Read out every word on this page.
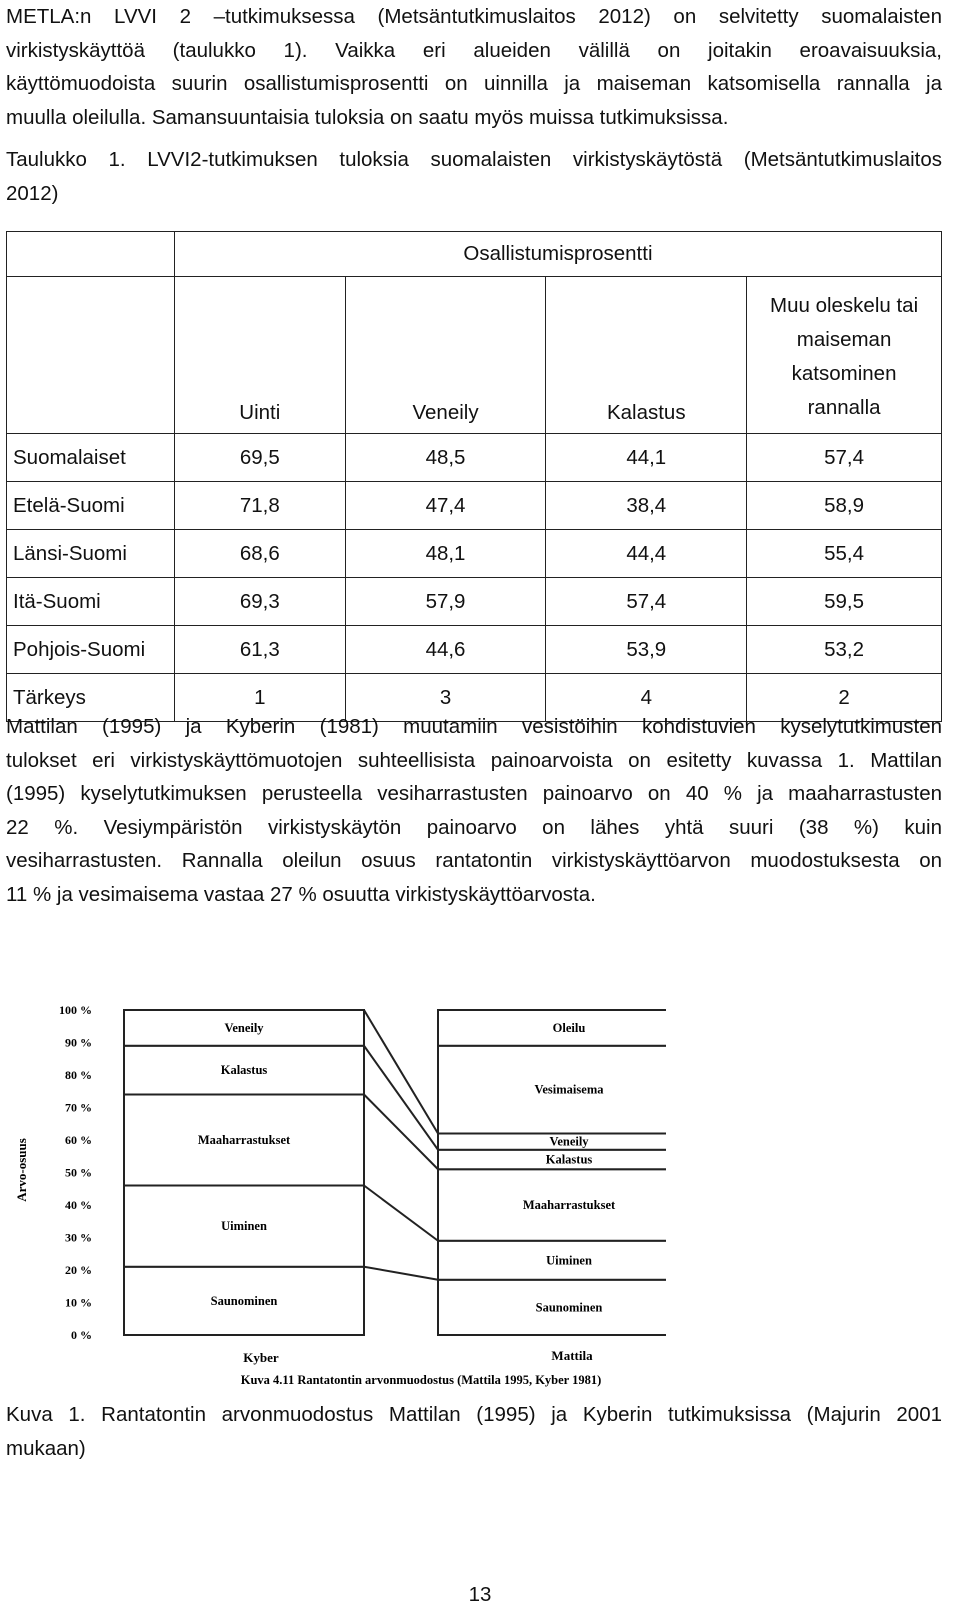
METLA:n LVVI 2 –tutkimuksessa (Metsäntutkimuslaitos 2012) on selvitetty suomalaisten
virkistyskäyttöä (taulukko 1). Vaikka eri alueiden välillä on joitakin eroavaisuuksia,
käyttömuodoista suurin osallistumisprosentti on uinnilla ja maiseman katsomisella rannalla ja
muulla oleilulla. Samansuuntaisia tuloksia on saatu myös muissa tutkimuksissa.
Taulukko 1. LVVI2-tutkimuksen tuloksia suomalaisten virkistyskäytöstä (Metsäntutkimuslaitos
2012)
	Osallistumisprosentti			
	Uinti	Veneily	Kalastus	Muu oleskelu tai
maiseman
katsominen
rannalla

Suomalaiset	69,5	48,5	44,1	57,4
Etelä-Suomi	71,8	47,4	38,4	58,9
Länsi-Suomi	68,6	48,1	44,4	55,4
Itä-Suomi	69,3	57,9	57,4	59,5
Pohjois-Suomi	61,3	44,6	53,9	53,2
Tärkeys	1	3	4	2
Mattilan (1995) ja Kyberin (1981) muutamiin vesistöihin kohdistuvien kyselytutkimusten
tulokset eri virkistyskäyttömuotojen suhteellisista painoarvoista on esitetty kuvassa 1. Mattilan
(1995) kyselytutkimuksen perusteella vesiharrastusten painoarvo on 40 % ja maaharrastusten
22 %. Vesiympäristön virkistyskäytön painoarvo on lähes yhtä suuri (38 %) kuin
vesiharrastusten. Rannalla oleilun osuus rantatontin virkistyskäyttöarvon muodostuksesta on
11 % ja vesimaisema vastaa 27 % osuutta virkistyskäyttöarvosta.
0 %
10 %
20 %
30 %
40 %
50 %
60 %
70 %
80 %
90 %
100 %
Arvo-osuus
Saunominen
Uiminen
Maaharrastukset
Kalastus
Veneily
Saunominen
Uiminen
Maaharrastukset
Kalastus
Veneily
Vesimaisema
Oleilu
Kyber	Mattila
Kuva 4.11 Rantatontin arvonmuodostus (Mattila 1995, Kyber 1981)
Kuva 1. Rantatontin arvonmuodostus Mattilan (1995) ja Kyberin tutkimuksissa (Majurin 2001
mukaan)
13
